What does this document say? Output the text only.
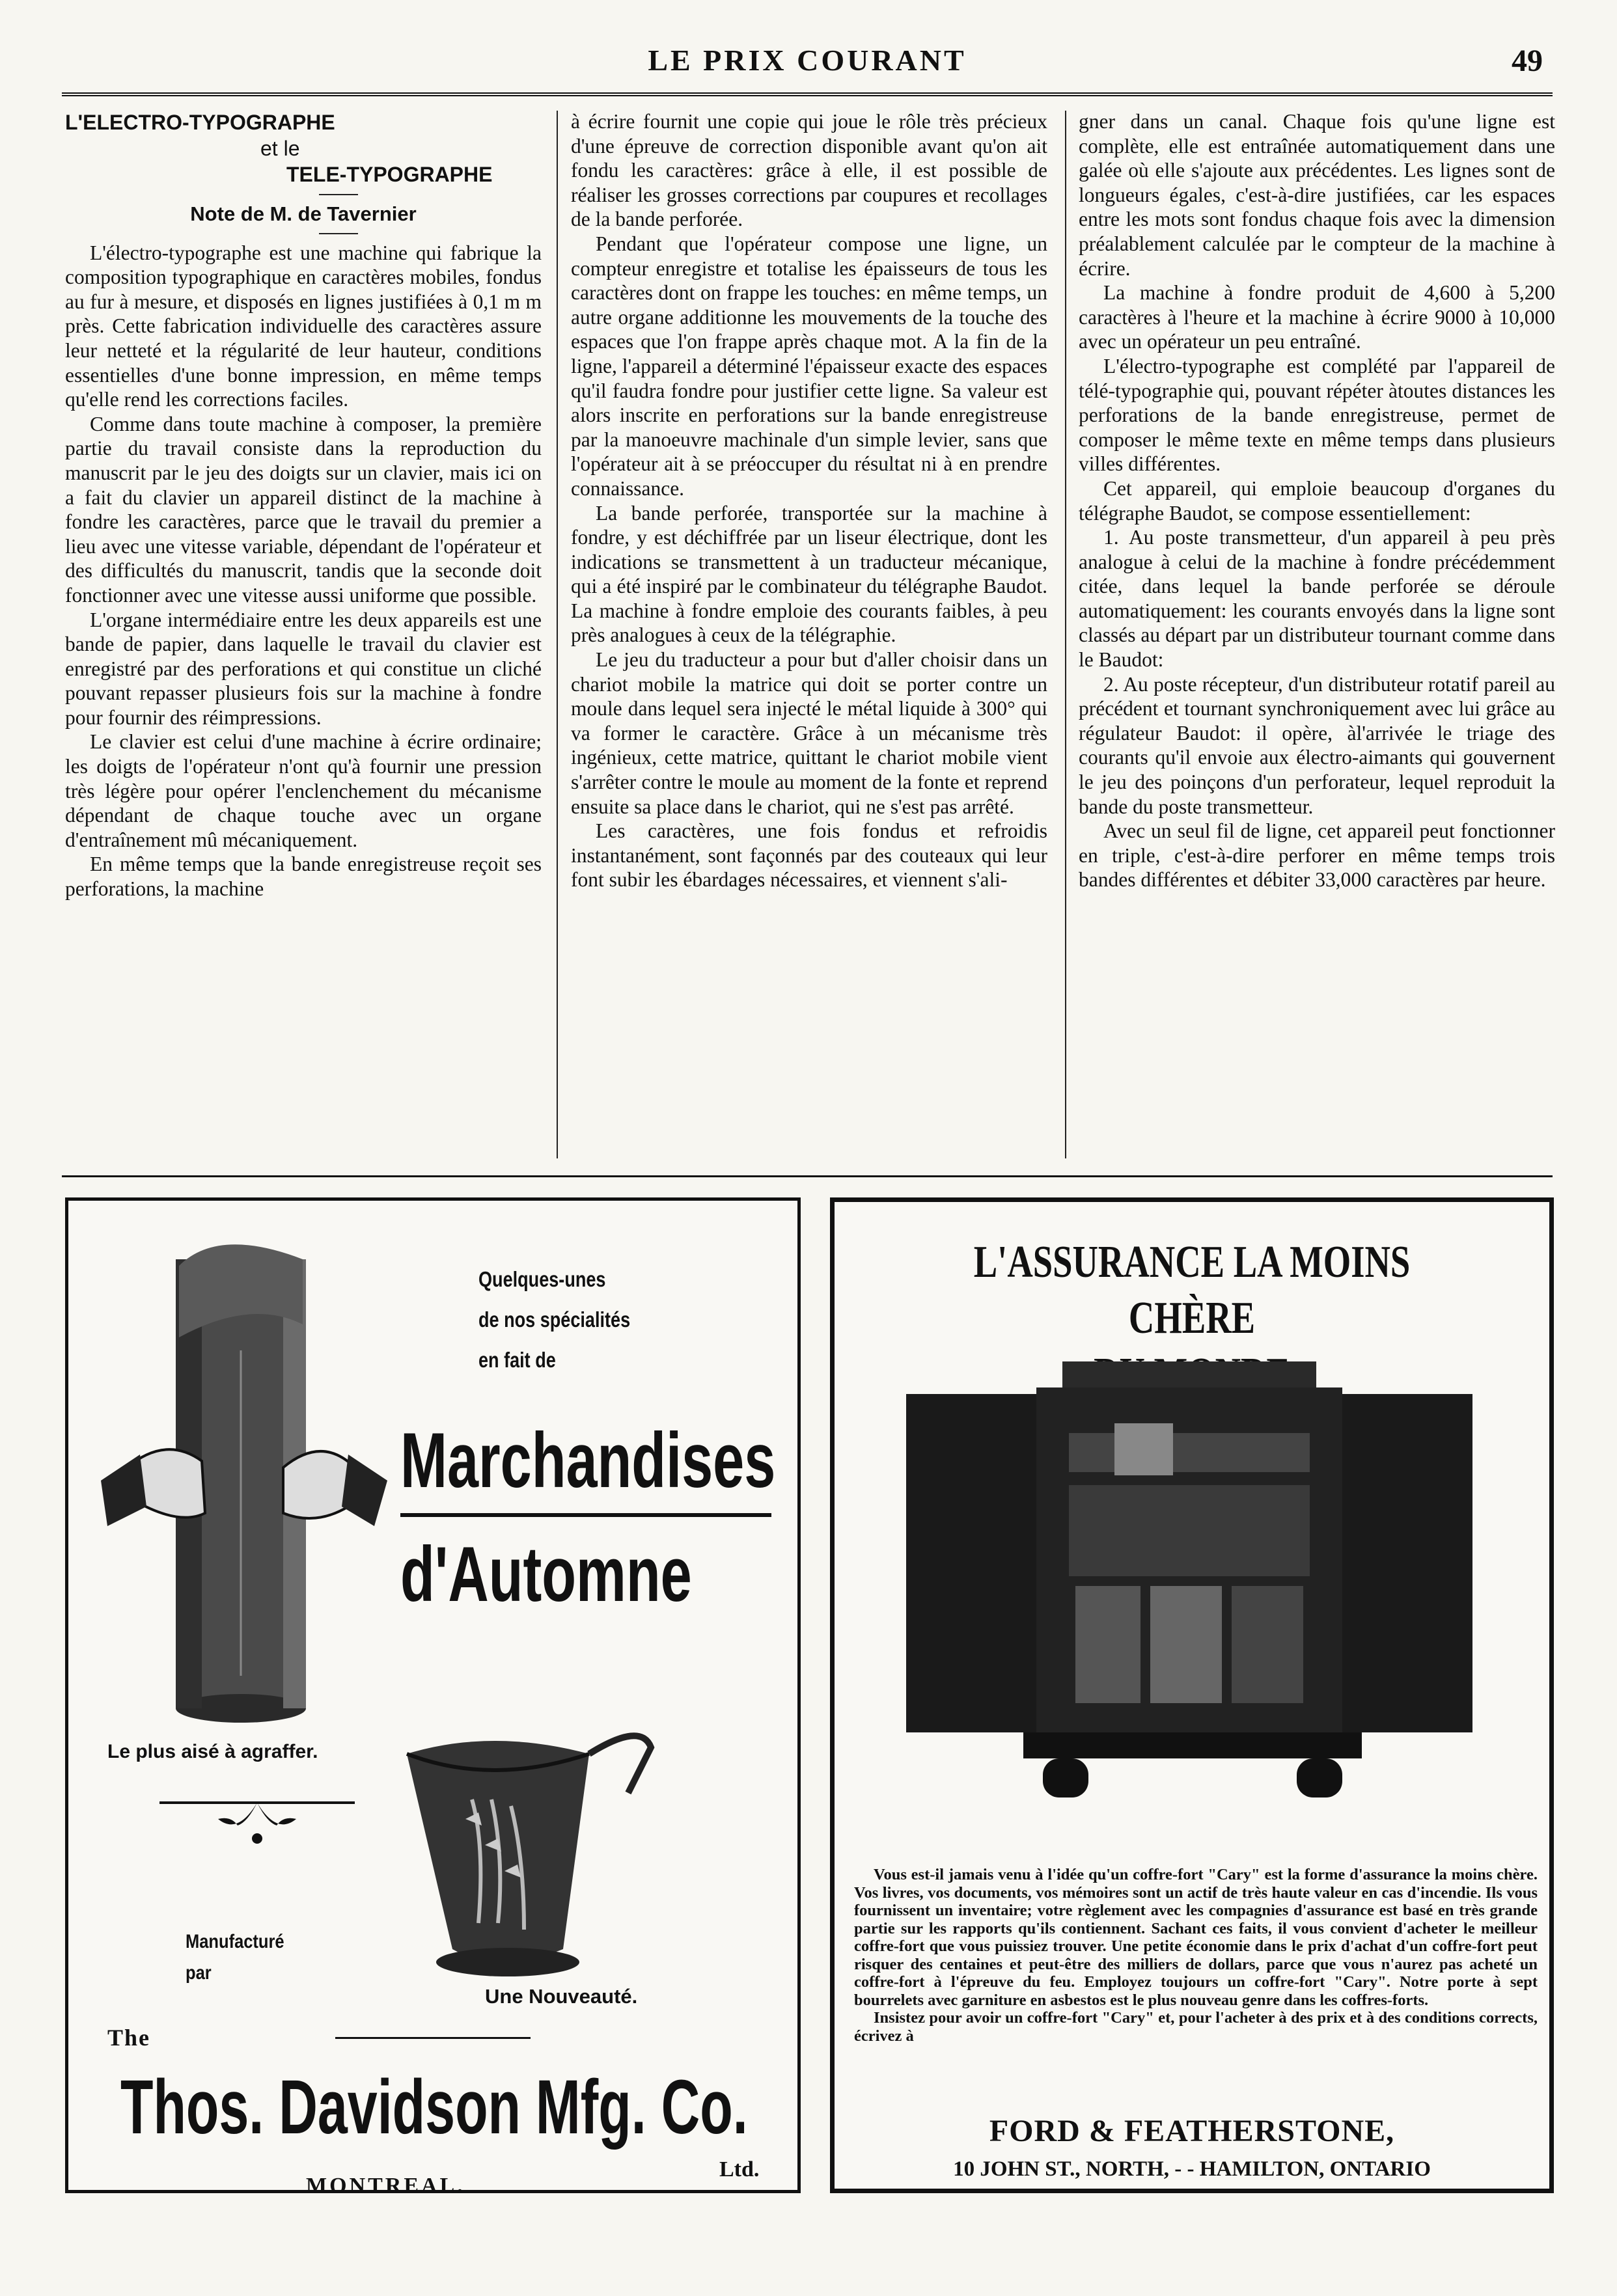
LE PRIX COURANT	49
L'ELECTRO-TYPOGRAPHE
et le
TELE-TYPOGRAPHE
Note de M. de Tavernier

L'électro-typographe est une machine qui fabrique la composition typographique en caractères mobiles, fondus au fur à mesure, et disposés en lignes justifiées à 0,1 m m près. Cette fabrication individuelle des caractères assure leur netteté et la régularité de leur hauteur, conditions essentielles d'une bonne impression, en même temps qu'elle rend les corrections faciles.

Comme dans toute machine à composer, la première partie du travail consiste dans la reproduction du manuscrit par le jeu des doigts sur un clavier, mais ici on a fait du clavier un appareil distinct de la machine à fondre les caractères, parce que le travail du premier a lieu avec une vitesse variable, dépendant de l'opérateur et des difficultés du manuscrit, tandis que la seconde doit fonctionner avec une vitesse aussi uniforme que possible.

L'organe intermédiaire entre les deux appareils est une bande de papier, dans laquelle le travail du clavier est enregistré par des perforations et qui constitue un cliché pouvant repasser plusieurs fois sur la machine à fondre pour fournir des réimpressions.

Le clavier est celui d'une machine à écrire ordinaire; les doigts de l'opérateur n'ont qu'à fournir une pression très légère pour opérer l'enclenchement du mécanisme dépendant de chaque touche avec un organe d'entraînement mû mécaniquement.

En même temps que la bande enregistreuse reçoit ses perforations, la machine

à écrire fournit une copie qui joue le rôle très précieux d'une épreuve de correction disponible avant qu'on ait fondu les caractères: grâce à elle, il est possible de réaliser les grosses corrections par coupures et recollages de la bande perforée.

Pendant que l'opérateur compose une ligne, un compteur enregistre et totalise les épaisseurs de tous les caractères dont on frappe les touches: en même temps, un autre organe additionne les mouvements de la touche des espaces que l'on frappe après chaque mot. A la fin de la ligne, l'appareil a déterminé l'épaisseur exacte des espaces qu'il faudra fondre pour justifier cette ligne. Sa valeur est alors inscrite en perforations sur la bande enregistreuse par la manoeuvre machinale d'un simple levier, sans que l'opérateur ait à se préoccuper du résultat ni à en prendre connaissance.

La bande perforée, transportée sur la machine à fondre, y est déchiffrée par un liseur électrique, dont les indications se transmettent à un traducteur mécanique, qui a été inspiré par le combinateur du télégraphe Baudot. La machine à fondre emploie des courants faibles, à peu près analogues à ceux de la télégraphie.

Le jeu du traducteur a pour but d'aller choisir dans un chariot mobile la matrice qui doit se porter contre un moule dans lequel sera injecté le métal liquide à 300° qui va former le caractère. Grâce à un mécanisme très ingénieux, cette matrice, quittant le chariot mobile vient s'arrêter contre le moule au moment de la fonte et reprend ensuite sa place dans le chariot, qui ne s'est pas arrêté.

Les caractères, une fois fondus et refroidis instantanément, sont façonnés par des couteaux qui leur font subir les ébardages nécessaires, et viennent s'ali-

gner dans un canal. Chaque fois qu'une ligne est complète, elle est entraînée automatiquement dans une galée où elle s'ajoute aux précédentes. Les lignes sont de longueurs égales, c'est-à-dire justifiées, car les espaces entre les mots sont fondus chaque fois avec la dimension préalablement calculée par le compteur de la machine à écrire.

La machine à fondre produit de 4,600 à 5,200 caractères à l'heure et la machine à écrire 9000 à 10,000 avec un opérateur un peu entraîné.

L'électro-typographe est complété par l'appareil de télé-typographie qui, pouvant répéter àtoutes distances les perforations de la bande enregistreuse, permet de composer le même texte en même temps dans plusieurs villes différentes.

Cet appareil, qui emploie beaucoup d'organes du télégraphe Baudot, se compose essentiellement:

1. Au poste transmetteur, d'un appareil à peu près analogue à celui de la machine à fondre précédemment citée, dans lequel la bande perforée se déroule automatiquement: les courants envoyés dans la ligne sont classés au départ par un distributeur tournant comme dans le Baudot:

2. Au poste récepteur, d'un distributeur rotatif pareil au précédent et tournant synchroniquement avec lui grâce au régulateur Baudot: il opère, àl'arrivée le triage des courants qu'il envoie aux électro-aimants qui gouvernent le jeu des poinçons d'un perforateur, lequel reproduit la bande du poste transmetteur.

Avec un seul fil de ligne, cet appareil peut fonctionner en triple, c'est-à-dire perforer en même temps trois bandes différentes et débiter 33,000 caractères par heure.

Quelques-unes
de nos spécialités
en fait de
Marchandises
d'Automne
Le plus aisé à agraffer.
Manufacturé
par
Une Nouveauté.
The
Thos. Davidson Mfg. Co.
Ltd.
MONTREAL.
L'ASSURANCE LA MOINS CHÈRE

Vous est-il jamais venu à l'idée qu'un coffre-fort "Cary" est la forme d'assurance la moins chère. Vos livres, vos documents, vos mémoires sont un actif de très haute valeur en cas d'incendie. Ils vous fournissent un inventaire; votre règlement avec les compagnies d'assurance est basé en très grande partie sur les rapports qu'ils contiennent. Sachant ces faits, il vous convient d'acheter le meilleur coffre-fort que vous puissiez trouver. Une petite économie dans le prix d'achat d'un coffre-fort peut risquer des centaines et peut-être des milliers de dollars, parce que vous n'aurez pas acheté un coffre-fort à l'épreuve du feu. Employez toujours un coffre-fort "Cary". Notre porte à sept bourrelets avec garniture en asbestos est le plus nouveau genre dans les coffres-forts.

Insistez pour avoir un coffre-fort "Cary" et, pour l'acheter à des prix et à des conditions corrects, écrivez à

FORD & FEATHERSTONE,
10 JOHN ST., NORTH, - - HAMILTON, ONTARIO
